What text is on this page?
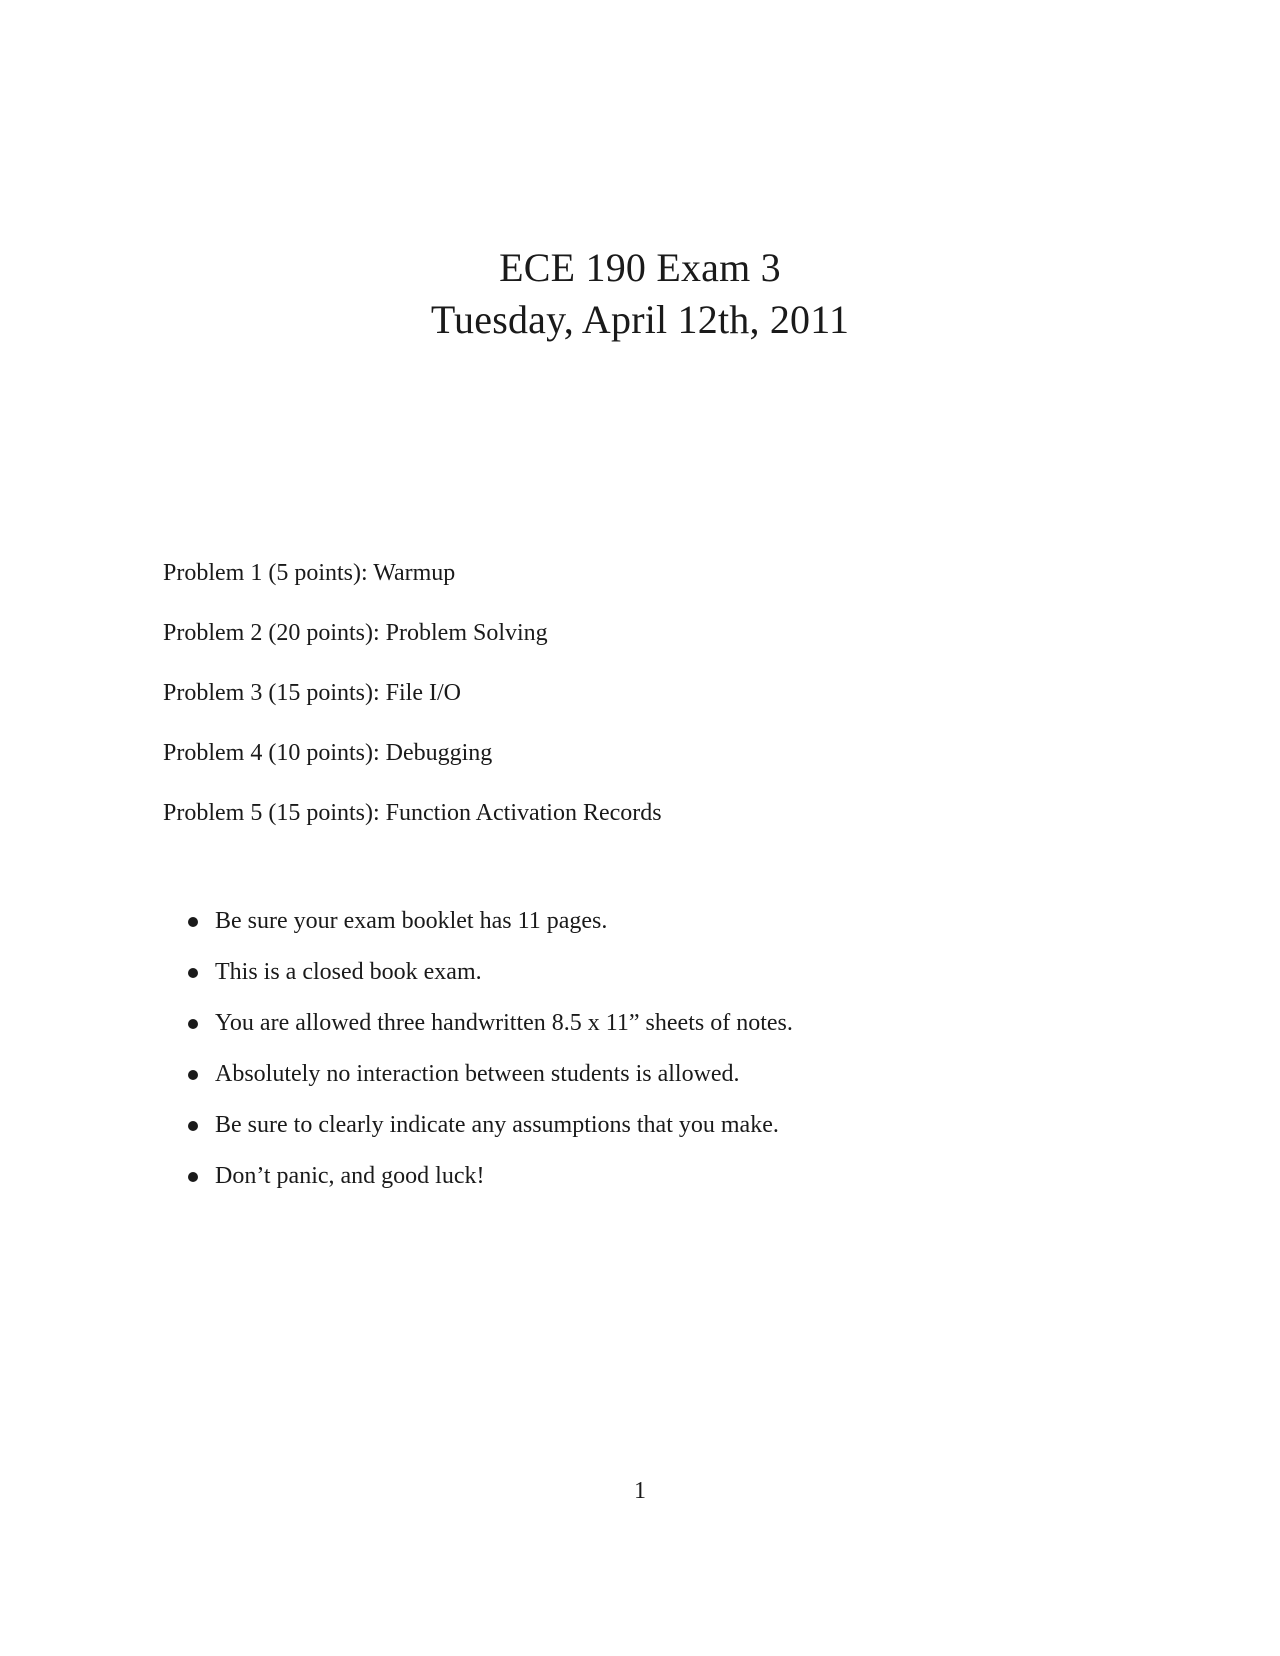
ECE 190 Exam 3
Tuesday, April 12th, 2011
Problem 1 (5 points): Warmup
Problem 2 (20 points): Problem Solving
Problem 3 (15 points): File I/O
Problem 4 (10 points): Debugging
Problem 5 (15 points): Function Activation Records
Be sure your exam booklet has 11 pages.
This is a closed book exam.
You are allowed three handwritten 8.5 x 11” sheets of notes.
Absolutely no interaction between students is allowed.
Be sure to clearly indicate any assumptions that you make.
Don’t panic, and good luck!
1
